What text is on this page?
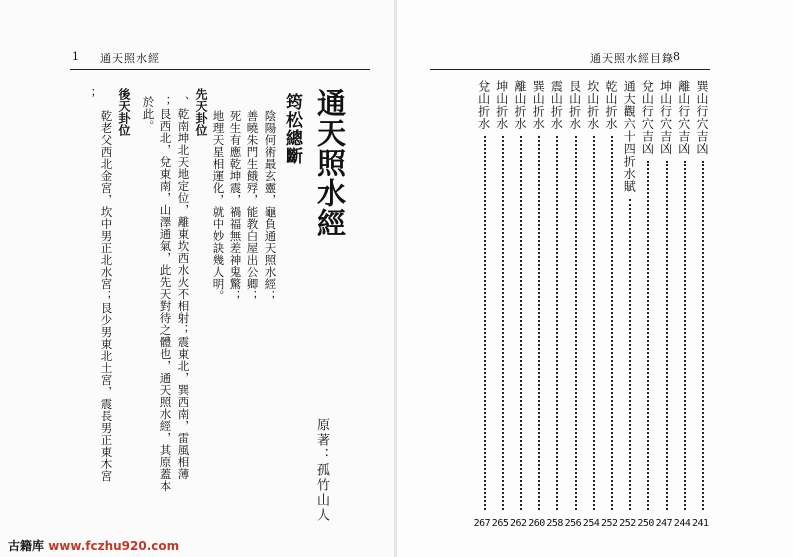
1 通天照水經
通天照水經
原著：孤竹山人
筠松總斷
陰陽何術最玄靈，龜負通天照水經；
善曉朱門生餓殍，能教白屋出公卿；
死生有應乾坤震，禍福無差神鬼驚；
地理天星相運化，就中妙訣幾人明。
先天卦位
、乾南坤北天地定位，離東坎西水火不相射；震東北，巽西南，雷風相薄
；艮西北，兌東南，山澤通氣，此先天對待之體也，通天照水經，其原蓋本
於此。
後天卦位
乾老父西北金宮，坎中男正北水宮；艮少男東北土宮，震長男正東木宮
；
通天照水經目錄 8
巽山行穴吉凶
241
離山行穴吉凶
244
坤山行穴吉凶
247
兌山行穴吉凶
250
通大觀六十四折水賦
252
乾山折水
252
坎山折水
254
艮山折水
256
震山折水
258
巽山折水
260
離山折水
262
坤山折水
265
兌山折水
267
古籍库 www.fczhu920.com
